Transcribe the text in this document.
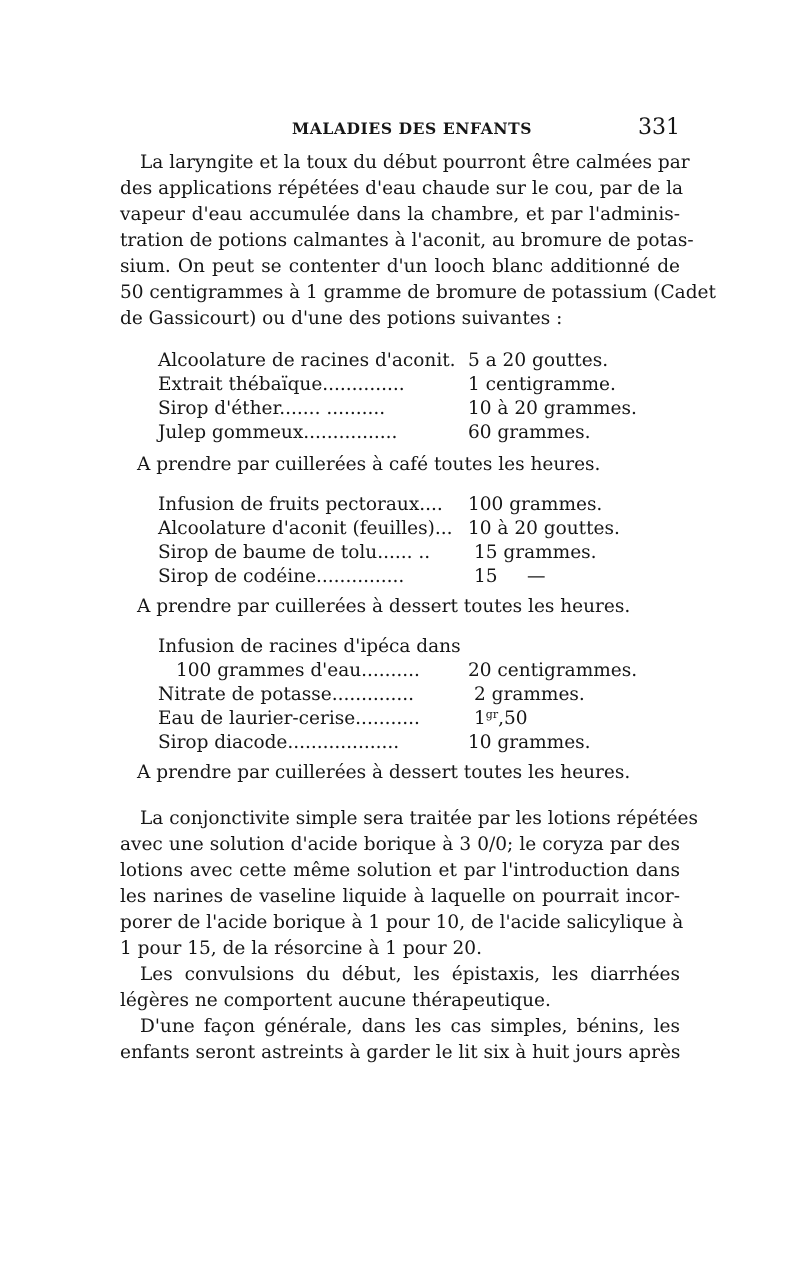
MALADIES DES ENFANTS	331

La laryngite et la toux du début pourront être calmées par
des applications répétées d'eau chaude sur le cou, par de la
vapeur d'eau accumulée dans la chambre, et par l'adminis-
tration de potions calmantes à l'aconit, au bromure de potas-
sium. On peut se contenter d'un looch blanc additionné de
50 centigrammes à 1 gramme de bromure de potassium (Cadet
de Gassicourt) ou d'une des potions suivantes :

Alcoolature de racines d'aconit. 5 a 20 gouttes.
Extrait thébaïque..............	1 centigramme.
Sirop d'éther....... ..........	10 à 20 grammes.
Julep gommeux................	60 grammes.

A prendre par cuillerées à café toutes les heures.

Infusion de fruits pectoraux.... 100 grammes.
Alcoolature d'aconit (feuilles)... 10 à 20 gouttes.
Sirop de baume de tolu...... .. 15 grammes.
Sirop de codéine...............	15     —

A prendre par cuillerées à dessert toutes les heures.

Infusion de racines d'ipéca dans
100 grammes d'eau..........	20 centigrammes.
Nitrate de potasse..............	2 grammes.
Eau de laurier-cerise...........	$1^{gr},50$
Sirop diacode...................	10 grammes.

A prendre par cuillerées à dessert toutes les heures.

La conjonctivite simple sera traitée par les lotions répétées
avec une solution d'acide borique à 3 0/0; le coryza par des
lotions avec cette même solution et par l'introduction dans
les narines de vaseline liquide à laquelle on pourrait incor-
porer de l'acide borique à 1 pour 10, de l'acide salicylique à
1 pour 15, de la résorcine à 1 pour 20.

Les convulsions du début, les épistaxis, les diarrhées
légères ne comportent aucune thérapeutique.

D'une façon générale, dans les cas simples, bénins, les
enfants seront astreints à garder le lit six à huit jours après
